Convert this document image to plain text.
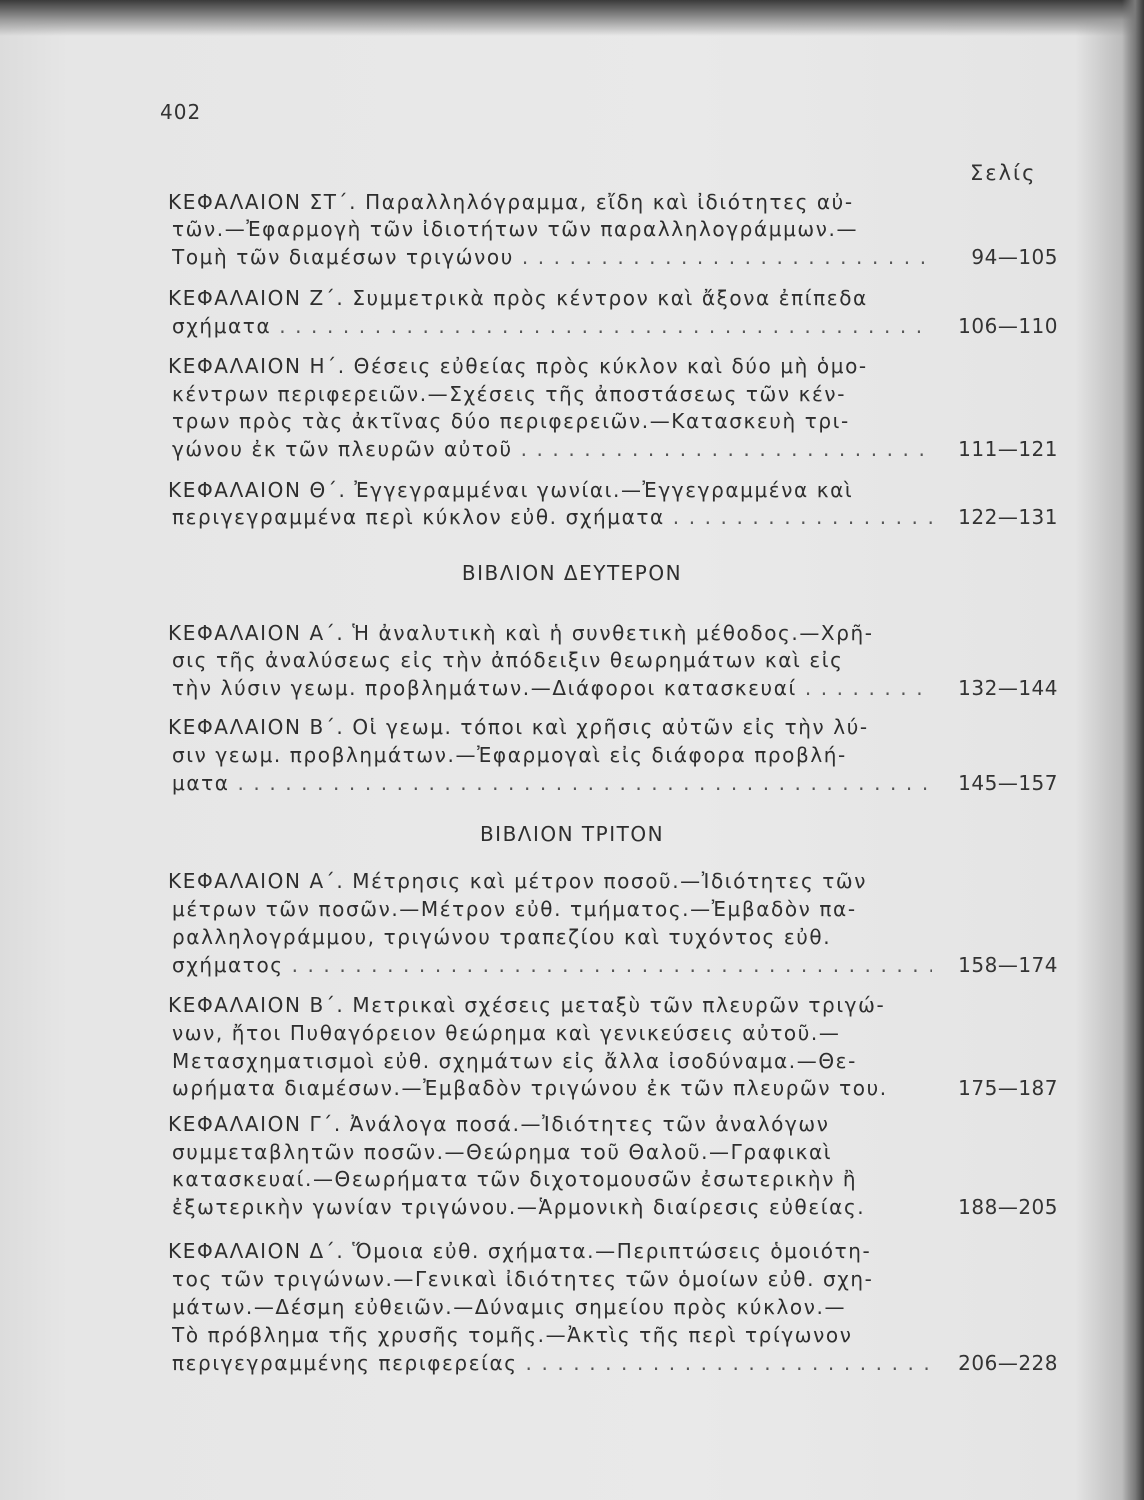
402
Σελίς
ΚΕΦΑΛΑΙΟΝ ΣΤ΄. Παραλληλόγραμμα, εἴδη καὶ ἰδιότητες αὐ-
τῶν.—Ἐφαρμογὴ τῶν ἰδιοτήτων τῶν παραλληλογράμμων.—
Τομὴ τῶν διαμέσων τριγώνου . . .	94—105
ΚΕΦΑΛΑΙΟΝ Ζ΄. Συμμετρικὰ πρὸς κέντρον καὶ ἄξονα ἐπίπεδα
σχήματα . . .	106—110
ΚΕΦΑΛΑΙΟΝ Η΄. Θέσεις εὐθείας πρὸς κύκλον καὶ δύο μὴ ὁμο-
κέντρων περιφερειῶν.—Σχέσεις τῆς ἀποστάσεως τῶν κέν-
τρων πρὸς τὰς ἀκτῖνας δύο περιφερειῶν.—Κατασκευὴ τρι-
γώνου ἐκ τῶν πλευρῶν αὐτοῦ . . .	111—121
ΚΕΦΑΛΑΙΟΝ Θ΄. Ἐγγεγραμμέναι γωνίαι.—Ἐγγεγραμμένα καὶ
περιγεγραμμένα περὶ κύκλον εὐθ. σχήματα . . .	122—131
ΒΙΒΛΙΟΝ ΔΕΥΤΕΡΟΝ
ΚΕΦΑΛΑΙΟΝ Α΄. Ἡ ἀναλυτικὴ καὶ ἡ συνθετικὴ μέθοδος.—Χρῆ-
σις τῆς ἀναλύσεως εἰς τὴν ἀπόδειξιν θεωρημάτων καὶ εἰς
τὴν λύσιν γεωμ. προβλημάτων.—Διάφοροι κατασκευαί . . .	132—144
ΚΕΦΑΛΑΙΟΝ Β΄. Οἱ γεωμ. τόποι καὶ χρῆσις αὐτῶν εἰς τὴν λύ-
σιν γεωμ. προβλημάτων.—Ἐφαρμογαὶ εἰς διάφορα προβλή-
ματα . . .	145—157
ΒΙΒΛΙΟΝ ΤΡΙΤΟΝ
ΚΕΦΑΛΑΙΟΝ Α΄. Μέτρησις καὶ μέτρον ποσοῦ.—Ἰδιότητες τῶν
μέτρων τῶν ποσῶν.—Μέτρον εὐθ. τμήματος.—Ἐμβαδὸν πα-
ραλληλογράμμου, τριγώνου τραπεζίου καὶ τυχόντος εὐθ.
σχήματος . . .	158—174
ΚΕΦΑΛΑΙΟΝ Β΄. Μετρικαὶ σχέσεις μεταξὺ τῶν πλευρῶν τριγώ-
νων, ἤτοι Πυθαγόρειον θεώρημα καὶ γενικεύσεις αὐτοῦ.—
Μετασχηματισμοὶ εὐθ. σχημάτων εἰς ἄλλα ἰσοδύναμα.—Θε-
ωρήματα διαμέσων.—Ἐμβαδὸν τριγώνου ἐκ τῶν πλευρῶν του.	175—187
ΚΕΦΑΛΑΙΟΝ Γ΄. Ἀνάλογα ποσά.—Ἰδιότητες τῶν ἀναλόγων
συμμεταβλητῶν ποσῶν.—Θεώρημα τοῦ Θαλοῦ.—Γραφικαὶ
κατασκευαί.—Θεωρήματα τῶν διχοτομουσῶν ἐσωτερικὴν ἢ
ἐξωτερικὴν γωνίαν τριγώνου.—Ἁρμονικὴ διαίρεσις εὐθείας.	188—205
ΚΕΦΑΛΑΙΟΝ Δ΄. Ὅμοια εὐθ. σχήματα.—Περιπτώσεις ὁμοιότη-
τος τῶν τριγώνων.—Γενικαὶ ἰδιότητες τῶν ὁμοίων εὐθ. σχη-
μάτων.—Δέσμη εὐθειῶν.—Δύναμις σημείου πρὸς κύκλον.—
Τὸ πρόβλημα τῆς χρυσῆς τομῆς.—Ἀκτὶς τῆς περὶ τρίγωνον
περιγεγραμμένης περιφερείας . . .	206—228
